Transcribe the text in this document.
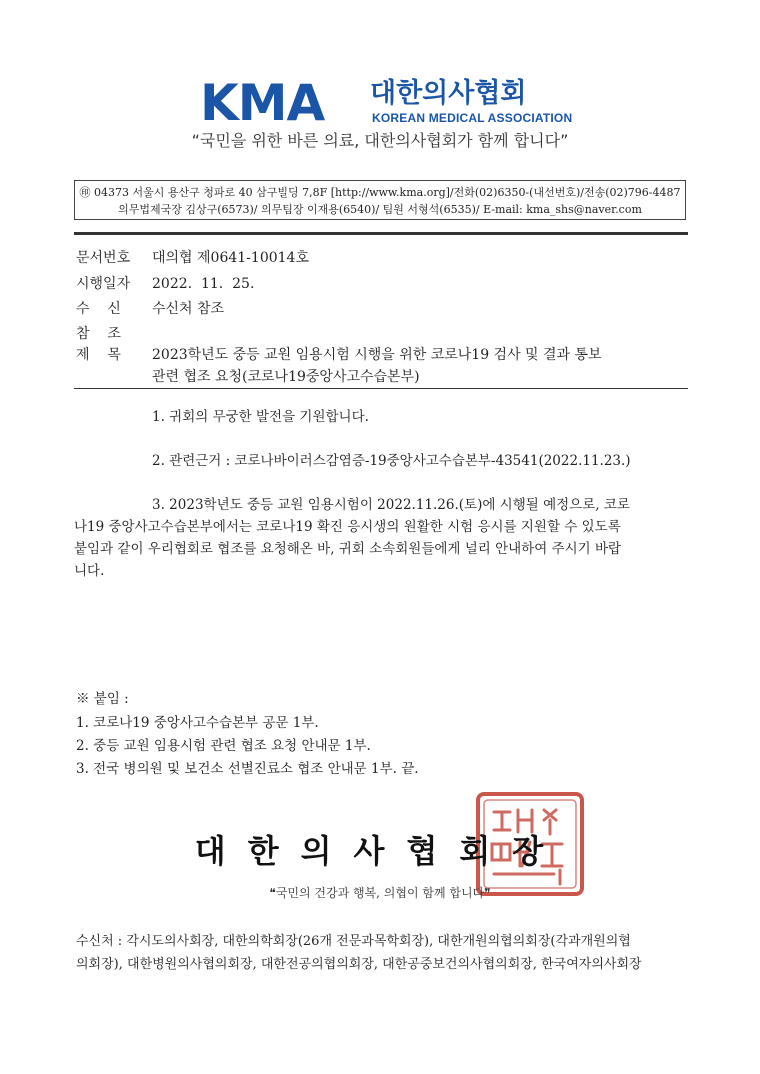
KMA 대한의사협회
KOREAN MEDICAL ASSOCIATION
“국민을 위한 바른 의료, 대한의사협회가 함께 합니다”
㊞ 04373 서울시 용산구 청파로 40 삼구빌딩 7,8F [http://www.kma.org]/전화(02)6350-(내선번호)/전송(02)796-4487
의무법제국장 김상구(6573)/ 의무팀장 이재용(6540)/ 팀원 서형석(6535)/ E-mail: kma_shs@naver.com
문서번호 대의협 제0641-10014호
시행일자 2022.  11.  25.
수    신 수신처 참조
참    조
제    목 2023학년도 중등 교원 임용시험 시행을 위한 코로나19 검사 및 결과 통보
관련 협조 요청(코로나19중앙사고수습본부)
1. 귀회의 무궁한 발전을 기원합니다.
2. 관련근거 : 코로나바이러스감염증-19중앙사고수습본부-43541(2022.11.23.)
3. 2023학년도 중등 교원 임용시험이 2022.11.26.(토)에 시행될 예정으로, 코로
나19 중앙사고수습본부에서는 코로나19 확진 응시생의 원활한 시험 응시를 지원할 수 있도록
붙임과 같이 우리협회로 협조를 요청해온 바, 귀회 소속회원들에게 널리 안내하여 주시기 바랍
니다.
※ 붙임 :
1. 코로나19 중앙사고수습본부 공문 1부.
2. 중등 교원 임용시험 관련 협조 요청 안내문 1부.
3. 전국 병의원 및 보건소 선별진료소 협조 안내문 1부. 끝.
대한의사협회장
❝국민의 건강과 행복, 의협이 함께 합니다❞
수신처 : 각시도의사회장, 대한의학회장(26개 전문과목학회장), 대한개원의협의회장(각과개원의협
의회장), 대한병원의사협의회장, 대한전공의협의회장, 대한공중보건의사협의회장, 한국여자의사회장
